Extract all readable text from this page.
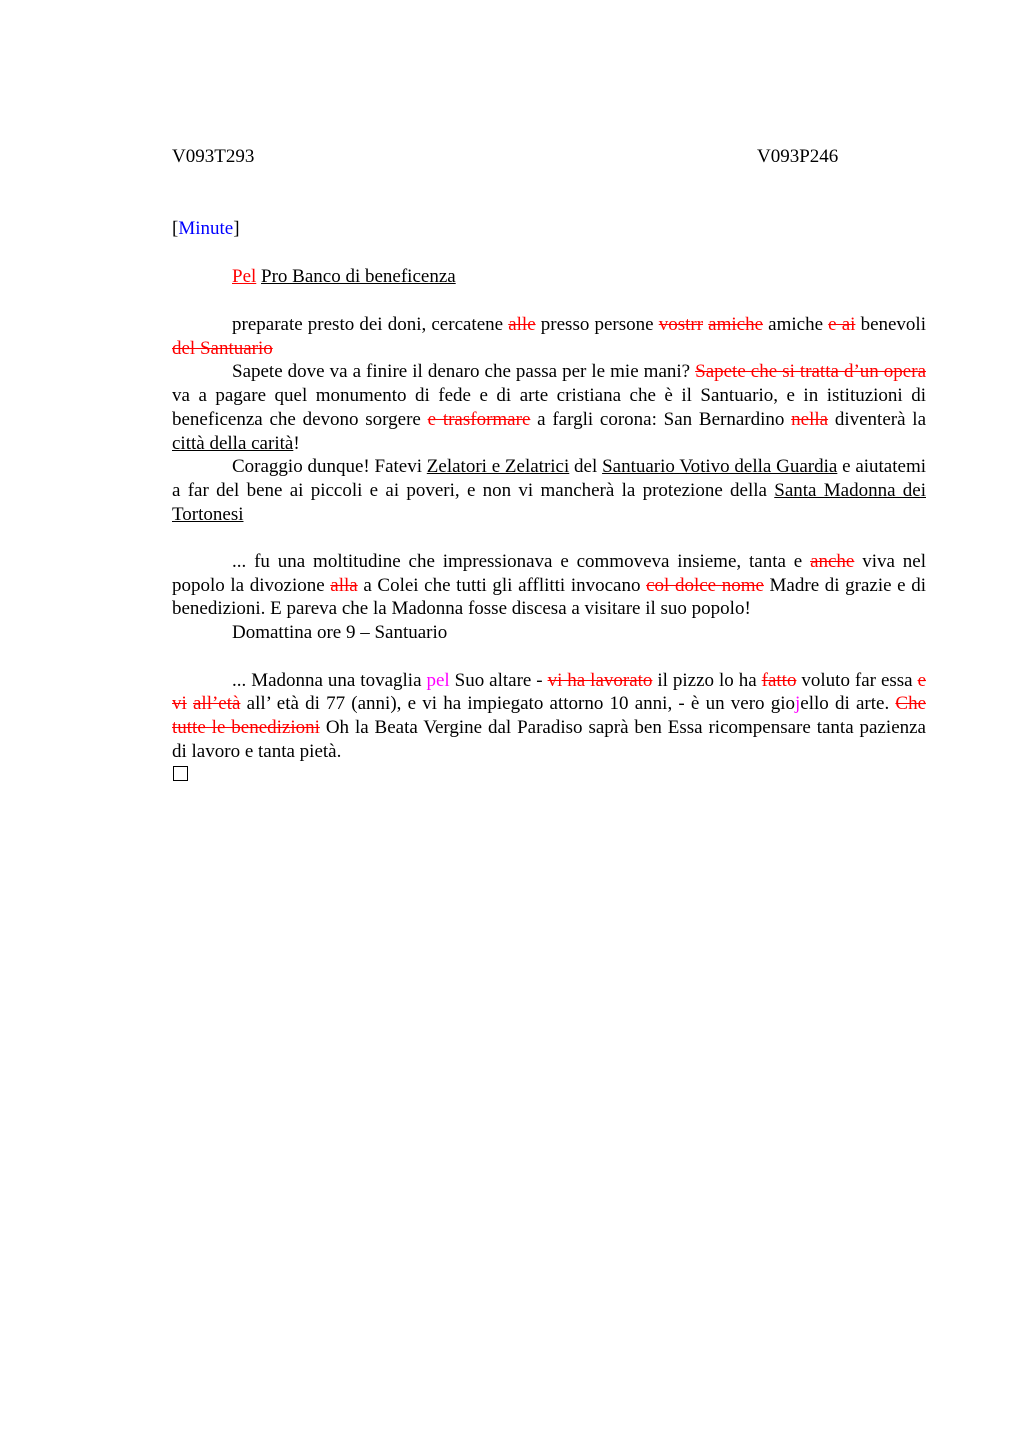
V093T293	V093P246
[Minute]
Pel Pro Banco di beneficenza

preparate presto dei doni, cercatene alle presso persone vostrr amiche amiche e ai benevoli del Santuario

Sapete dove va a finire il denaro che passa per le mie mani? Sapete che si tratta d’un opera va a pagare quel monumento di fede e di arte cristiana che è il Santuario, e in istituzioni di beneficenza che devono sorgere e trasformare a fargli corona: San Bernardino nella diventerà la città della carità!

Coraggio dunque! Fatevi Zelatori e Zelatrici del Santuario Votivo della Guardia e aiutatemi a far del bene ai piccoli e ai poveri, e non vi mancherà la protezione della Santa Madonna dei Tortonesi

... fu una moltitudine che impressionava e commoveva insieme, tanta e anche viva nel popolo la divozione alla a Colei che tutti gli afflitti invocano col dolce nome Madre di grazie e di benedizioni. E pareva che la Madonna fosse discesa a visitare il suo popolo!

Domattina ore 9 – Santuario

... Madonna una tovaglia pel Suo altare - vi ha lavorato il pizzo lo ha fatto voluto far essa e vi all’età all’ età di 77 (anni), e vi ha impiegato attorno 10 anni, - è un vero giojello di arte. Che tutte le benedizioni Oh la Beata Vergine dal Paradiso saprà ben Essa ricompensare tanta pazienza di lavoro e tanta pietà.
